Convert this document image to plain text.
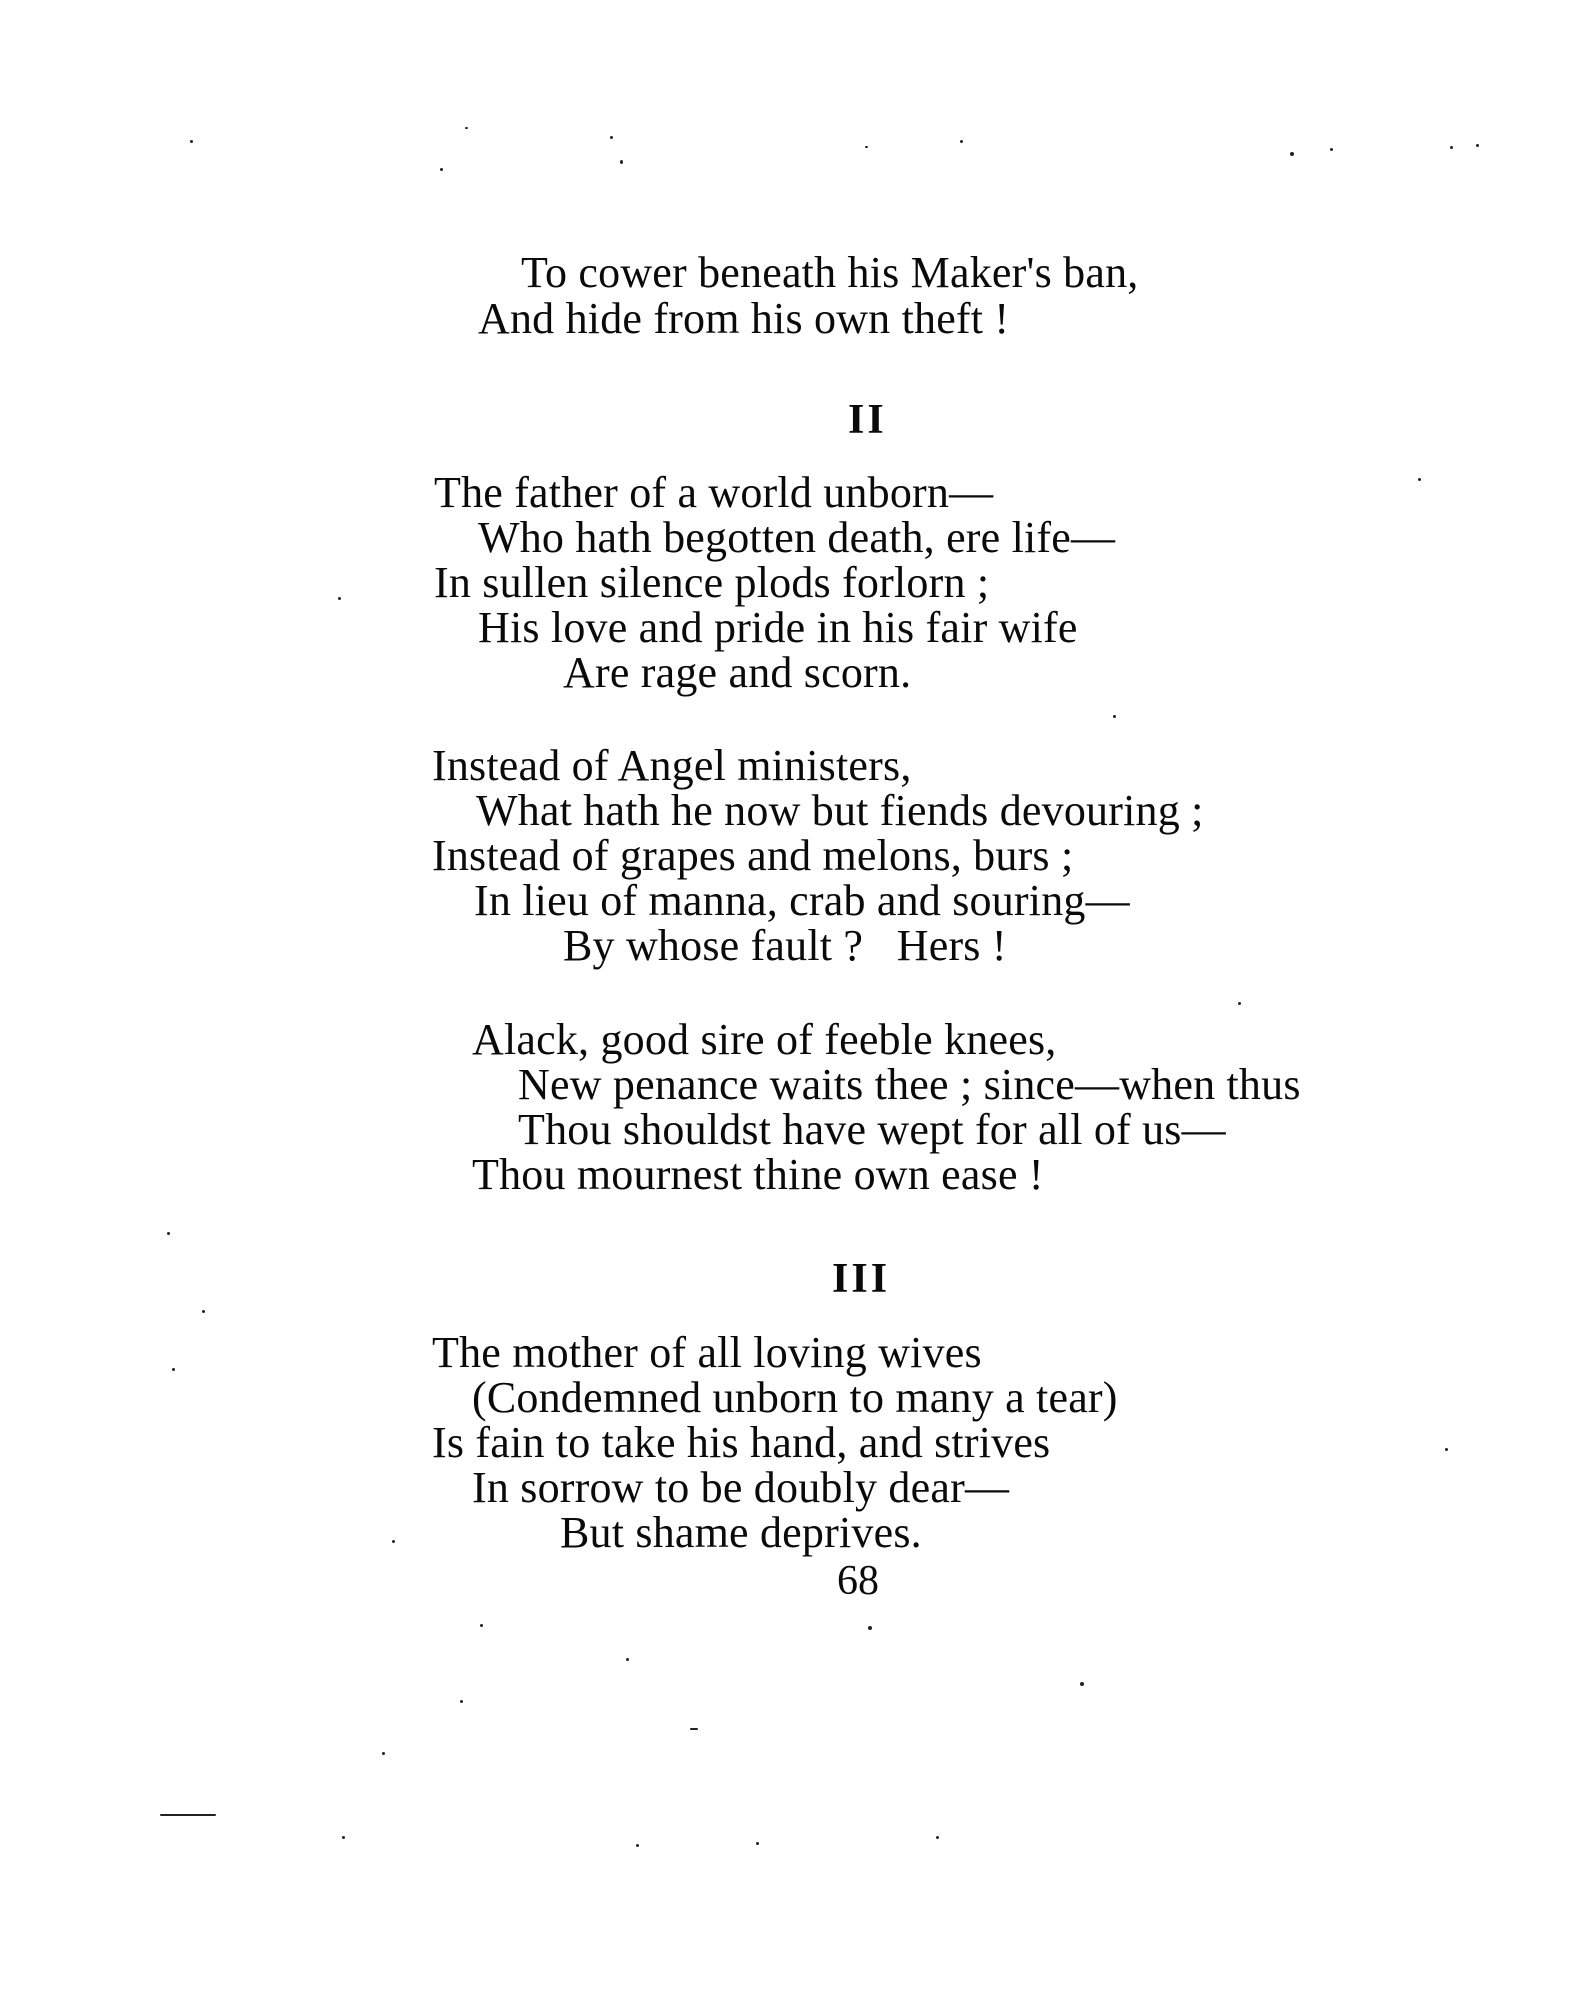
To cower beneath his Maker's ban,
And hide from his own theft !
II
The father of a world unborn—
Who hath begotten death, ere life—
In sullen silence plods forlorn ;
His love and pride in his fair wife
Are rage and scorn.
Instead of Angel ministers,
What hath he now but fiends devouring ;
Instead of grapes and melons, burs ;
In lieu of manna, crab and souring—
By whose fault ?   Hers !
Alack, good sire of feeble knees,
New penance waits thee ; since—when thus
Thou shouldst have wept for all of us—
Thou mournest thine own ease !
III
The mother of all loving wives
(Condemned unborn to many a tear)
Is fain to take his hand, and strives
In sorrow to be doubly dear—
But shame deprives.
68
